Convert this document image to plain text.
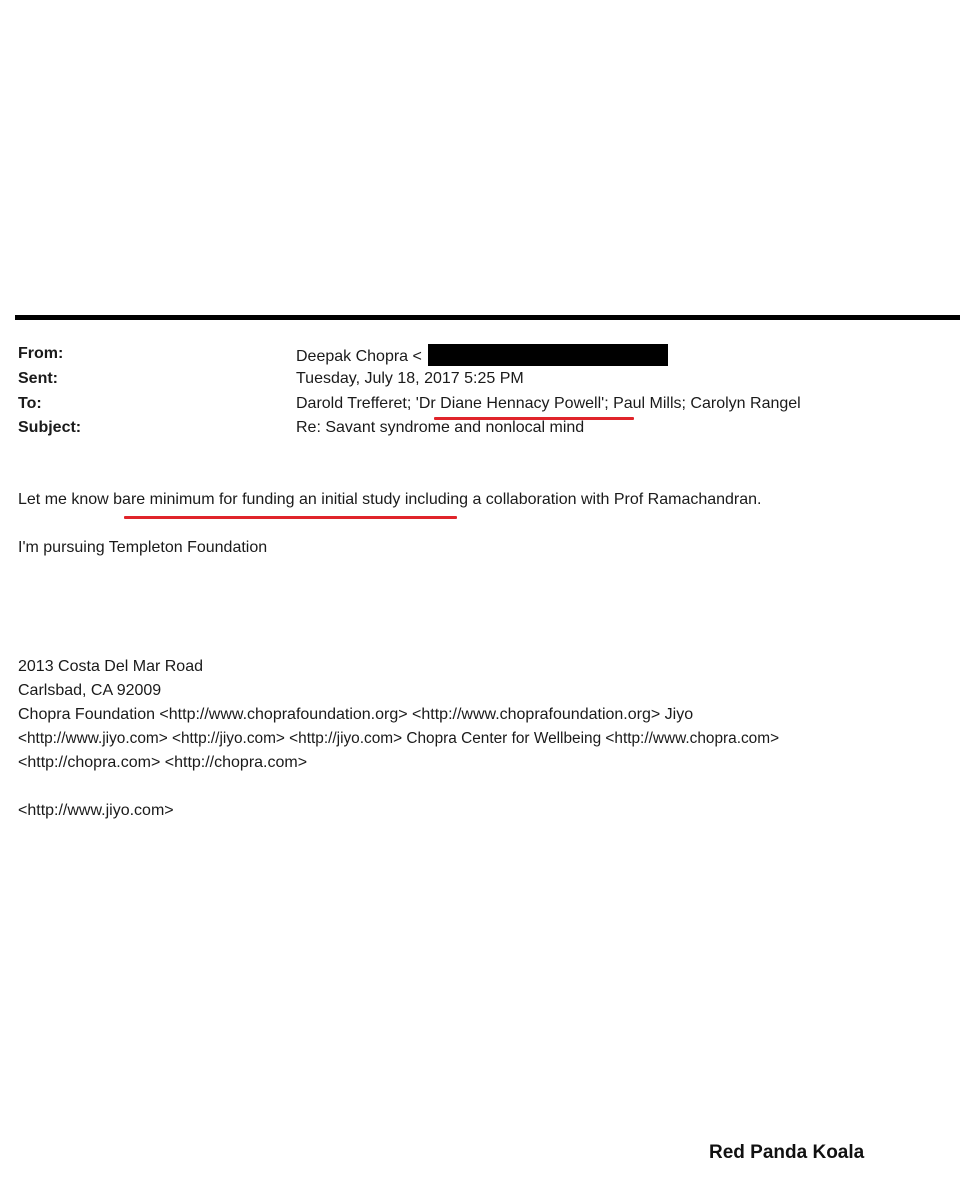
From:	Deepak Chopra <
Sent:	Tuesday, July 18, 2017 5:25 PM
To:	Darold Trefferet; 'Dr Diane Hennacy Powell'; Paul Mills; Carolyn Rangel
Subject:	Re: Savant syndrome and nonlocal mind
Let me know bare minimum for funding an initial study including a collaboration with Prof Ramachandran.
I'm pursuing Templeton Foundation
2013 Costa Del Mar Road
Carlsbad, CA 92009
Chopra Foundation <http://www.choprafoundation.org> <http://www.choprafoundation.org> Jiyo
<http://www.jiyo.com> <http://jiyo.com> <http://jiyo.com> Chopra Center for Wellbeing <http://www.chopra.com>
<http://chopra.com> <http://chopra.com>
<http://www.jiyo.com>
Red Panda Koala
